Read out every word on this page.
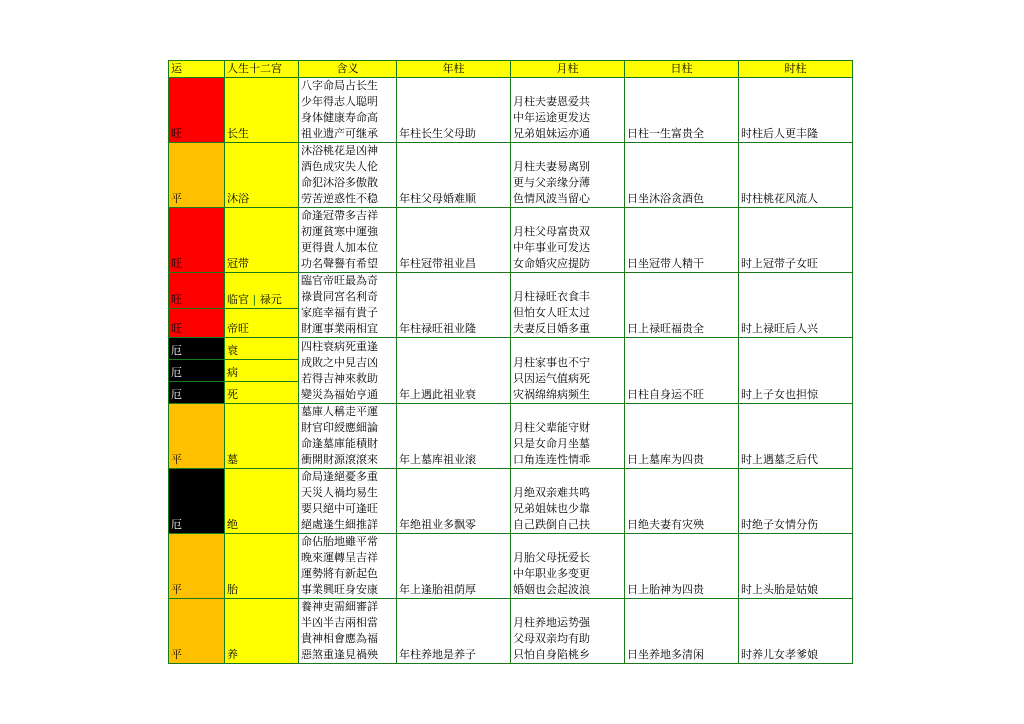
运	人生十二宫	含义	年柱	月柱	日柱	时柱
旺	长生	八字命局占长生
少年得志人聪明
身体健康寿命高
祖业遗产可继承	年柱长生父母助	月柱夫妻恩爱共
中年运途更发达
兄弟姐妹运亦通	日柱一生富贵全	时柱后人更丰隆
平	沐浴	沐浴桃花是凶神
酒色成灾失人伦
命犯沐浴多傲散
劳苦逆惑性不稳	年柱父母婚难顺	月柱夫妻易离别
更与父亲缘分薄
色情风波当留心	日坐沐浴贪酒色	时柱桃花风流人
旺	冠带	命逢冠帶多吉祥
初運貧寒中運強
更得貴人加本位
功名聲譽有希望	年柱冠带祖业昌	月柱父母富贵双
中年事业可发达
女命婚灾应提防	日坐冠带人精干	时上冠带子女旺
旺	临官 | 禄元	臨官帝旺最為奇
祿貴同宮名利奇
家庭幸福有貴子
財運事業兩相宜	年柱禄旺祖业隆	月柱禄旺衣食丰
但怕女人旺太过
夫妻反目婚多重	日上禄旺福贵全	时上禄旺后人兴
旺	帝旺					
厄	衰	四柱衰病死重逢
成敗之中見吉凶
若得吉神來救助
變災為福始亨通	年上遇此祖业衰	月柱家事也不宁
只因运气值病死
灾祸绵绵病频生	日柱自身运不旺	时上子女也担惊
厄	病					
厄	死					
平	墓	墓庫人稱走平運
財官印綬應細論
命逢墓庫能積財
衝開財源滾滾來	年上墓库祖业滚	月柱父辈能守财
只是女命月坐墓
口角连连性情乖	日上墓库为四贵	时上遇墓乏后代
厄	绝	命局逢絕憂多重
天災人禍均易生
要只絕中可逢旺
絕處逢生細推詳	年绝祖业多飘零	月绝双亲难共鸣
兄弟姐妹也少靠
自己跌倒自己扶	日绝夫妻有灾殃	时绝子女情分伤
平	胎	命佔胎地雖平常
晚來運轉呈吉祥
運勢將有新起色
事業興旺身安康	年上逢胎祖荫厚	月胎父母抚爱长
中年职业多变更
婚姻也会起波浪	日上胎神为四贵	时上头胎是姑娘
平	养	養神吏需細審詳
半凶半吉兩相當
貴神相會應為福
惡煞重逢見禍殃	年柱养地是养子	月柱养地运势强
父母双亲均有助
只怕自身陷桃乡	日坐养地多清闲	时养儿女孝爹娘
